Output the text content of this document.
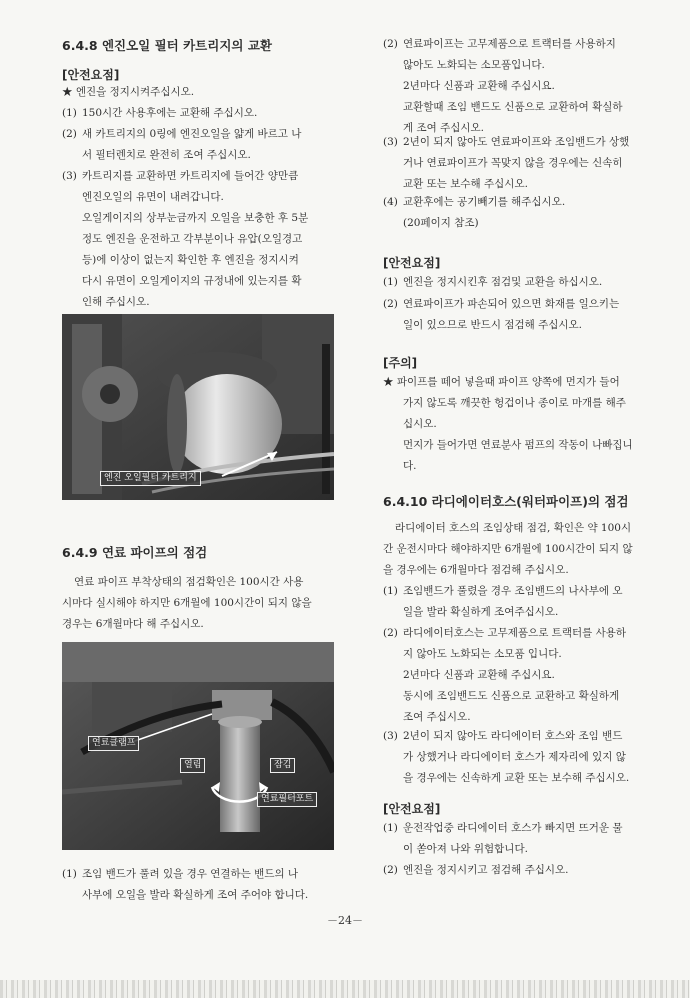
6.4.8 엔진오일 필터 카트리지의 교환
[안전요점]
★ 엔진을 정지시켜주십시오.
(1) 150시간 사용후에는 교환해 주십시오.
(2) 새 카트리지의 0링에 엔진오일을 얇게 바르고 나
서 필터렌치로 완전히 조여 주십시오.
(3) 카트리지를 교환하면 카트리지에 들어간 양만큼
엔진오일의 유면이 내려갑니다.
오일게이지의 상부눈금까지 오일을 보충한 후 5분
정도 엔진을 운전하고 각부분이나 유압(오일경고
등)에 이상이 없는지 확인한 후 엔진을 정지시켜
다시 유면이 오일게이지의 규정내에 있는지를 확
인해 주십시오.
엔진 오일필터 카트리지
6.4.9 연료 파이프의 점검
연료 파이프 부착상태의 점검확인은 100시간 사용
시마다 실시해야 하지만 6개월에 100시간이 되지 않을
경우는 6개월마다 해 주십시오.
연료클램프
열림	잠김
연료필터포트
(1) 조임 밴드가 풀려 있을 경우 연결하는 밴드의 나
사부에 오일을 발라 확실하게 조여 주어야 합니다.
(2) 연료파이프는 고무제품으로 트랙터를 사용하지
않아도 노화되는 소모품입니다.
2년마다 신품과 교환해 주십시요.
교환할때 조임 밴드도 신품으로 교환하여 확실하
게 조여 주십시오.
(3) 2년이 되지 않아도 연료파이프와 조임밴드가 상했
거나 연료파이프가 꼭맞지 않을 경우에는 신속히
교환 또는 보수해 주십시오.
(4) 교환후에는 공기빼기를 해주십시오.
(20페이지 참조)
[안전요점]
(1) 엔진을 정지시킨후 점검및 교환을 하십시오.
(2) 연료파이프가 파손되어 있으면 화재를 일으키는
일이 있으므로 반드시 점검해 주십시오.
[주의]
★ 파이프를 떼어 넣을때 파이프 양쪽에 먼지가 들어
가지 않도록 깨끗한 헝겁이나 종이로 마개를 해주
십시오.
먼지가 들어가면 연료분사 펌프의 작동이 나빠집니
다.
6.4.10 라디에이터호스(워터파이프)의 점검
라디에이터 호스의 조임상태 점검, 확인은 약 100시
간 운전시마다 해야하지만 6개월에 100시간이 되지 않
을 경우에는 6개월마다 점검해 주십시오.
(1) 조임밴드가 풀렸을 경우 조임밴드의 나사부에 오
일을 발라 확실하게 조여주십시오.
(2) 라디에이터호스는 고무제품으로 트랙터를 사용하
지 않아도 노화되는 소모품 입니다.
2년마다 신품과 교환해 주십시요.
동시에 조임밴드도 신품으로 교환하고 확실하게
조여 주십시오.
(3) 2년이 되지 않아도 라디에이터 호스와 조임 밴드
가 상했거나 라디에이터 호스가 제자리에 있지 않
을 경우에는 신속하게 교환 또는 보수해 주십시오.
[안전요점]
(1) 운전작업중 라디에이터 호스가 빠지면 뜨거운 물
이 쏟아져 나와 위험합니다.
(2) 엔진을 정지시키고 점검해 주십시오.
－24－
